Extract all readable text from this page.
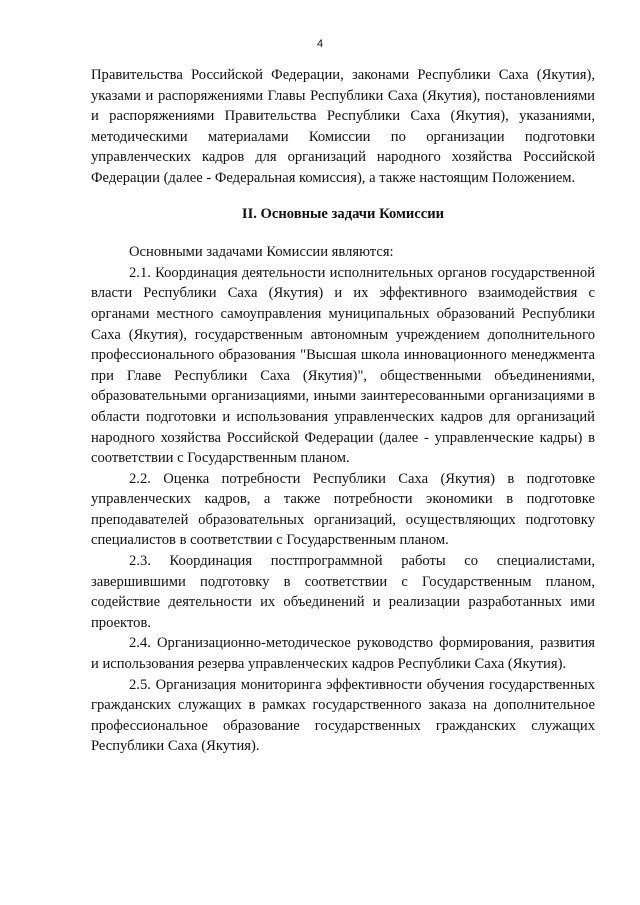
4

Правительства Российской Федерации, законами Республики Саха (Якутия), указами и распоряжениями Главы Республики Саха (Якутия), постановлениями и распоряжениями Правительства Республики Саха (Якутия), указаниями, методическими материалами Комиссии по организации подготовки управленческих кадров для организаций народного хозяйства Российской Федерации (далее - Федеральная комиссия), а также настоящим Положением.

II. Основные задачи Комиссии

Основными задачами Комиссии являются:

2.1. Координация деятельности исполнительных органов государственной власти Республики Саха (Якутия) и их эффективного взаимодействия с органами местного самоуправления муниципальных образований Республики Саха (Якутия), государственным автономным учреждением дополнительного профессионального образования "Высшая школа инновационного менеджмента при Главе Республики Саха (Якутия)", общественными объединениями, образовательными организациями, иными заинтересованными организациями в области подготовки и использования управленческих кадров для организаций народного хозяйства Российской Федерации (далее - управленческие кадры) в соответствии с Государственным планом.

2.2. Оценка потребности Республики Саха (Якутия) в подготовке управленческих кадров, а также потребности экономики в подготовке преподавателей образовательных организаций, осуществляющих подготовку специалистов в соответствии с Государственным планом.

2.3. Координация постпрограммной работы со специалистами, завершившими подготовку в соответствии с Государственным планом, содействие деятельности их объединений и реализации разработанных ими проектов.

2.4. Организационно-методическое руководство формирования, развития и использования резерва управленческих кадров Республики Саха (Якутия).

2.5. Организация мониторинга эффективности обучения государственных гражданских служащих в рамках государственного заказа на дополнительное профессиональное образование государственных гражданских служащих Республики Саха (Якутия).
